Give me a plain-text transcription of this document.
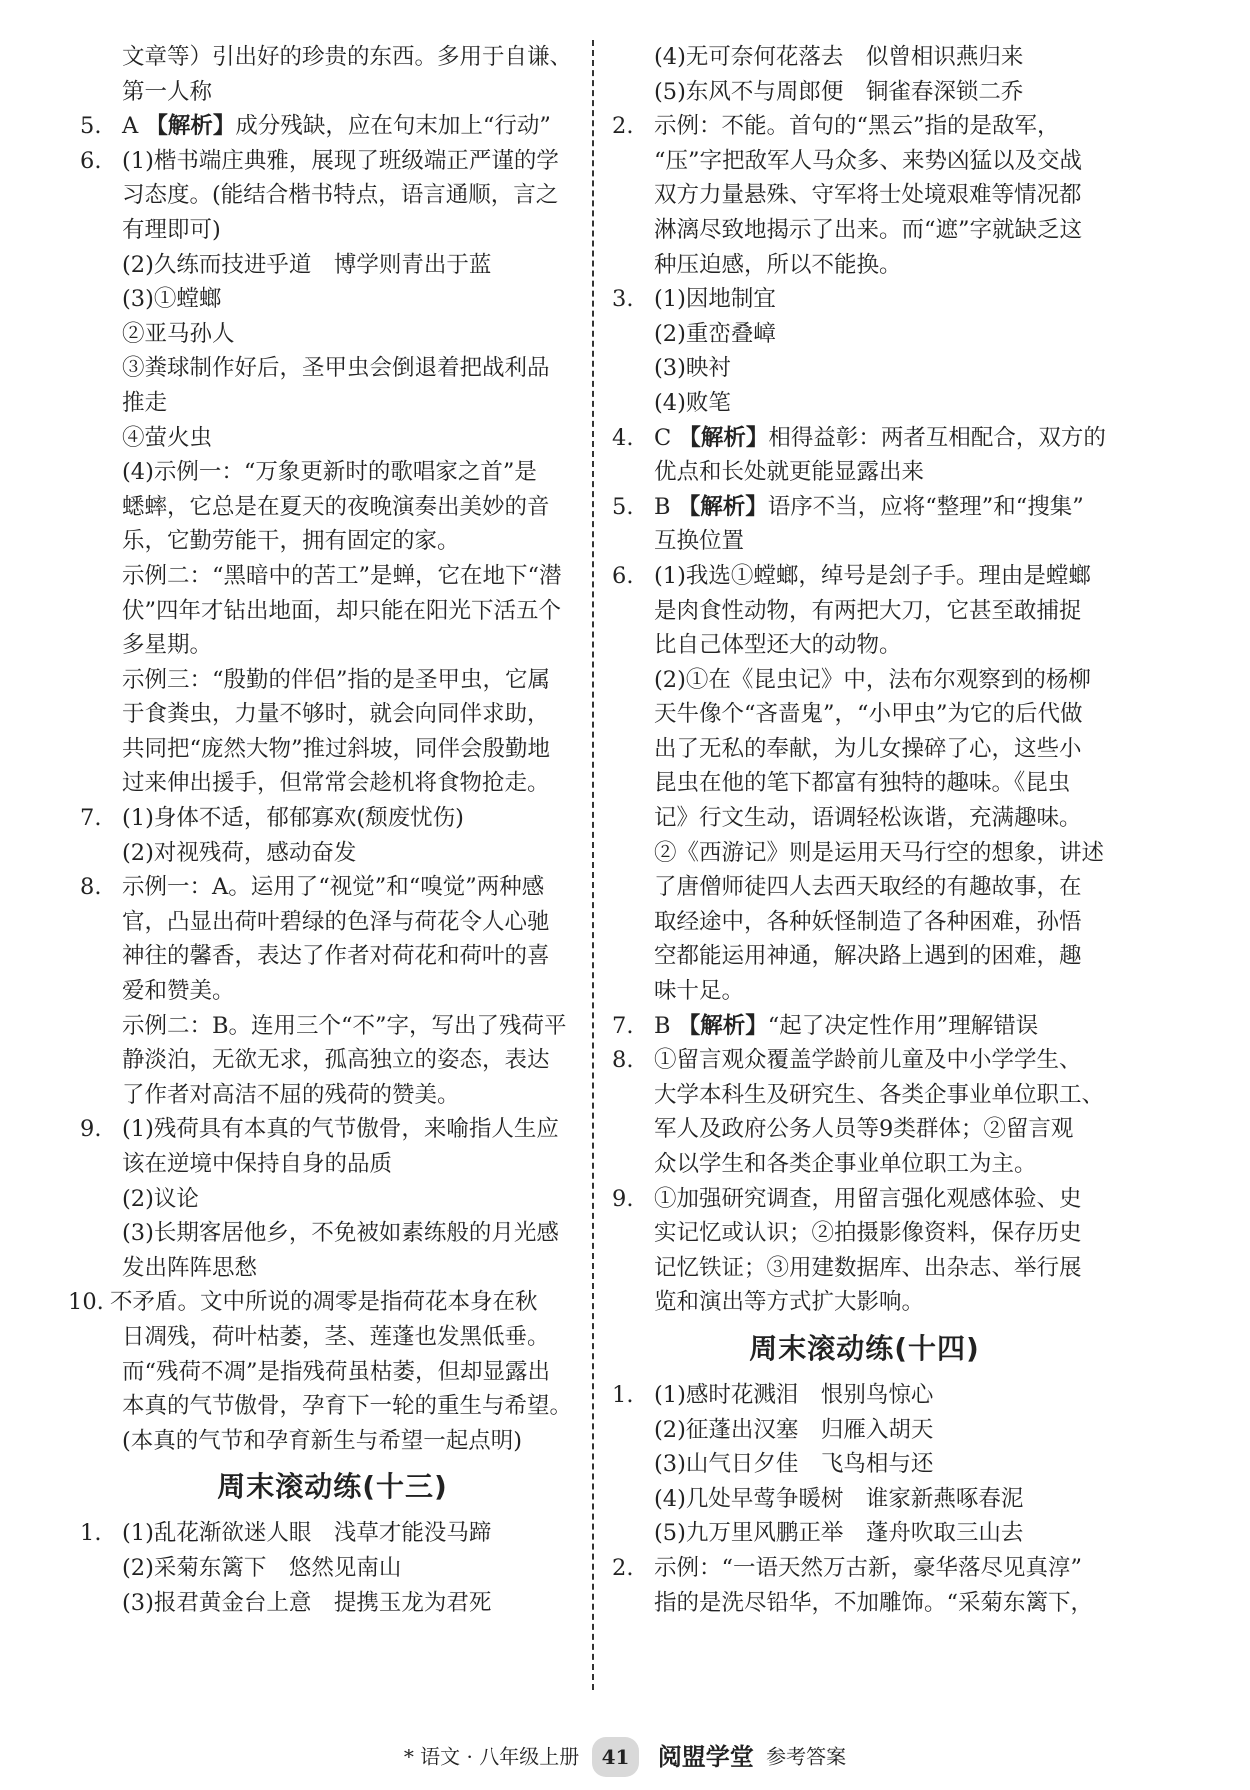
文章等）引出好的珍贵的东西。多用于自谦、
第一人称
5. A 【解析】成分残缺，应在句末加上“行动”
6. (1)楷书端庄典雅，展现了班级端正严谨的学
习态度。(能结合楷书特点，语言通顺，言之
有理即可)
(2)久练而技进乎道　博学则青出于蓝
(3)①螳螂
②亚马孙人
③粪球制作好后，圣甲虫会倒退着把战利品
推走
④萤火虫
(4)示例一：“万象更新时的歌唱家之首”是
蟋蟀，它总是在夏天的夜晚演奏出美妙的音
乐，它勤劳能干，拥有固定的家。
示例二：“黑暗中的苦工”是蝉，它在地下“潜
伏”四年才钻出地面，却只能在阳光下活五个
多星期。
示例三：“殷勤的伴侣”指的是圣甲虫，它属
于食粪虫，力量不够时，就会向同伴求助，
共同把“庞然大物”推过斜坡，同伴会殷勤地
过来伸出援手，但常常会趁机将食物抢走。
7. (1)身体不适，郁郁寡欢(颓废忧伤)
(2)对视残荷，感动奋发
8. 示例一：A。运用了“视觉”和“嗅觉”两种感
官，凸显出荷叶碧绿的色泽与荷花令人心驰
神往的馨香，表达了作者对荷花和荷叶的喜
爱和赞美。
示例二：B。连用三个“不”字，写出了残荷平
静淡泊，无欲无求，孤高独立的姿态，表达
了作者对高洁不屈的残荷的赞美。
9. (1)残荷具有本真的气节傲骨，来喻指人生应
该在逆境中保持自身的品质
(2)议论
(3)长期客居他乡，不免被如素练般的月光感
发出阵阵思愁
10. 不矛盾。文中所说的凋零是指荷花本身在秋
日凋残，荷叶枯萎，茎、莲蓬也发黑低垂。
而“残荷不凋”是指残荷虽枯萎，但却显露出
本真的气节傲骨，孕育下一轮的重生与希望。
(本真的气节和孕育新生与希望一起点明)
周末滚动练(十三)
1. (1)乱花渐欲迷人眼　浅草才能没马蹄
(2)采菊东篱下　悠然见南山
(3)报君黄金台上意　提携玉龙为君死
(4)无可奈何花落去　似曾相识燕归来
(5)东风不与周郎便　铜雀春深锁二乔
2. 示例：不能。首句的“黑云”指的是敌军，
“压”字把敌军人马众多、来势凶猛以及交战
双方力量悬殊、守军将士处境艰难等情况都
淋漓尽致地揭示了出来。而“遮”字就缺乏这
种压迫感，所以不能换。
3. (1)因地制宜
(2)重峦叠嶂
(3)映衬
(4)败笔
4. C 【解析】相得益彰：两者互相配合，双方的
优点和长处就更能显露出来
5. B 【解析】语序不当，应将“整理”和“搜集”
互换位置
6. (1)我选①螳螂，绰号是刽子手。理由是螳螂
是肉食性动物，有两把大刀，它甚至敢捕捉
比自己体型还大的动物。
(2)①在《昆虫记》中，法布尔观察到的杨柳
天牛像个“吝啬鬼”，“小甲虫”为它的后代做
出了无私的奉献，为儿女操碎了心，这些小
昆虫在他的笔下都富有独特的趣味。《昆虫
记》行文生动，语调轻松诙谐，充满趣味。
②《西游记》则是运用天马行空的想象，讲述
了唐僧师徒四人去西天取经的有趣故事，在
取经途中，各种妖怪制造了各种困难，孙悟
空都能运用神通，解决路上遇到的困难，趣
味十足。
7. B 【解析】“起了决定性作用”理解错误
8. ①留言观众覆盖学龄前儿童及中小学学生、
大学本科生及研究生、各类企事业单位职工、
军人及政府公务人员等9类群体；②留言观
众以学生和各类企事业单位职工为主。
9. ①加强研究调查，用留言强化观感体验、史
实记忆或认识；②拍摄影像资料，保存历史
记忆铁证；③用建数据库、出杂志、举行展
览和演出等方式扩大影响。
周末滚动练(十四)
1. (1)感时花溅泪　恨别鸟惊心
(2)征蓬出汉塞　归雁入胡天
(3)山气日夕佳　飞鸟相与还
(4)几处早莺争暖树　谁家新燕啄春泥
(5)九万里风鹏正举　蓬舟吹取三山去
2. 示例：“一语天然万古新，豪华落尽见真淳”
指的是洗尽铅华，不加雕饰。“采菊东篱下，
* 语文 · 八年级上册 41 阅盟学堂 参考答案
